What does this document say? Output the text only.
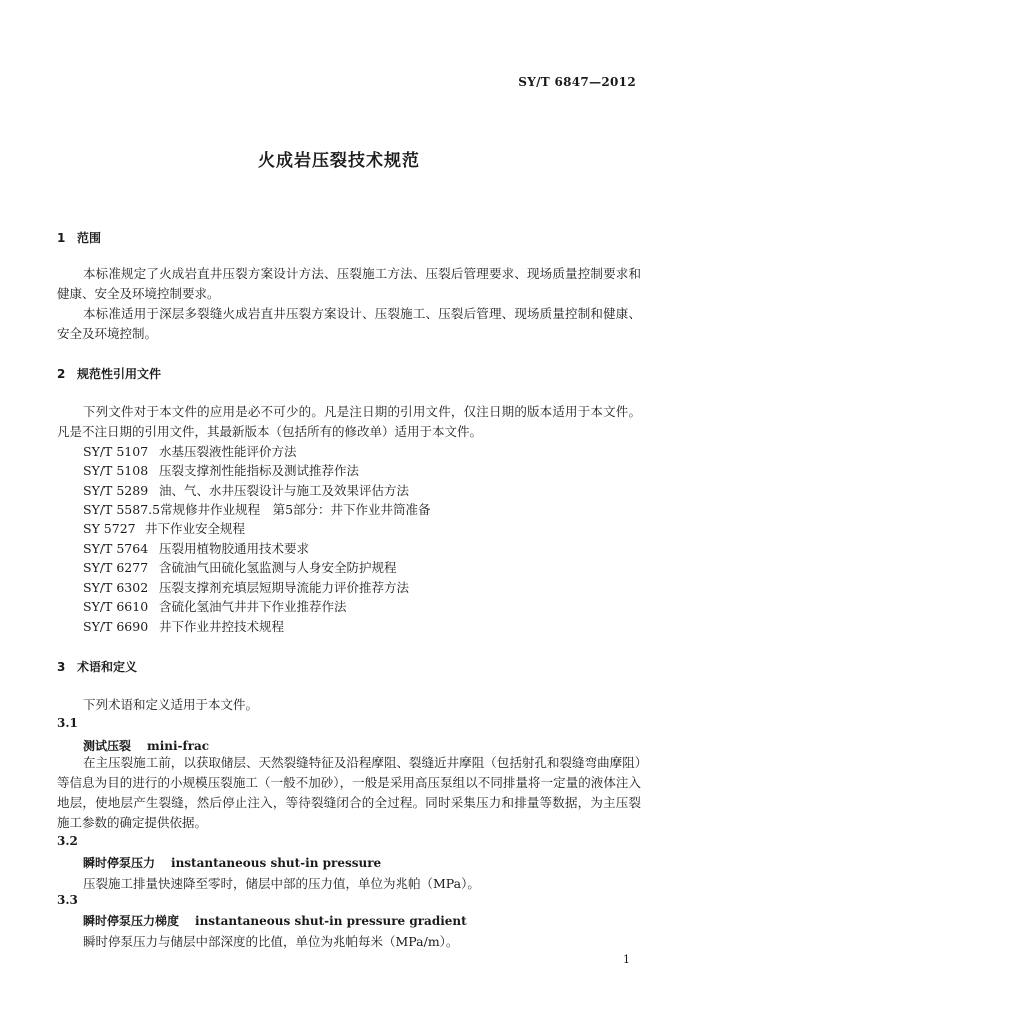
SY/T 6847—2012
火成岩压裂技术规范
1 范围
本标准规定了火成岩直井压裂方案设计方法、压裂施工方法、压裂后管理要求、现场质量控制要求和健康、安全及环境控制要求。
本标准适用于深层多裂缝火成岩直井压裂方案设计、压裂施工、压裂后管理、现场质量控制和健康、安全及环境控制。
2 规范性引用文件
下列文件对于本文件的应用是必不可少的。凡是注日期的引用文件，仅注日期的版本适用于本文件。凡是不注日期的引用文件，其最新版本（包括所有的修改单）适用于本文件。
SY/T 5107 水基压裂液性能评价方法
SY/T 5108 压裂支撑剂性能指标及测试推荐作法
SY/T 5289 油、气、水井压裂设计与施工及效果评估方法
SY/T 5587.5常规修井作业规程　第5部分：井下作业井筒准备
SY 5727 井下作业安全规程
SY/T 5764 压裂用植物胶通用技术要求
SY/T 6277 含硫油气田硫化氢监测与人身安全防护规程
SY/T 6302 压裂支撑剂充填层短期导流能力评价推荐方法
SY/T 6610 含硫化氢油气井井下作业推荐作法
SY/T 6690 井下作业井控技术规程
3 术语和定义
下列术语和定义适用于本文件。
3.1
测试压裂 mini-frac
在主压裂施工前，以获取储层、天然裂缝特征及沿程摩阻、裂缝近井摩阻（包括射孔和裂缝弯曲摩阻）等信息为目的进行的小规模压裂施工（一般不加砂），一般是采用高压泵组以不同排量将一定量的液体注入地层，使地层产生裂缝，然后停止注入，等待裂缝闭合的全过程。同时采集压力和排量等数据，为主压裂施工参数的确定提供依据。
3.2
瞬时停泵压力 instantaneous shut-in pressure
压裂施工排量快速降至零时，储层中部的压力值，单位为兆帕（MPa）。
3.3
瞬时停泵压力梯度 instantaneous shut-in pressure gradient
瞬时停泵压力与储层中部深度的比值，单位为兆帕每米（MPa/m）。
1
